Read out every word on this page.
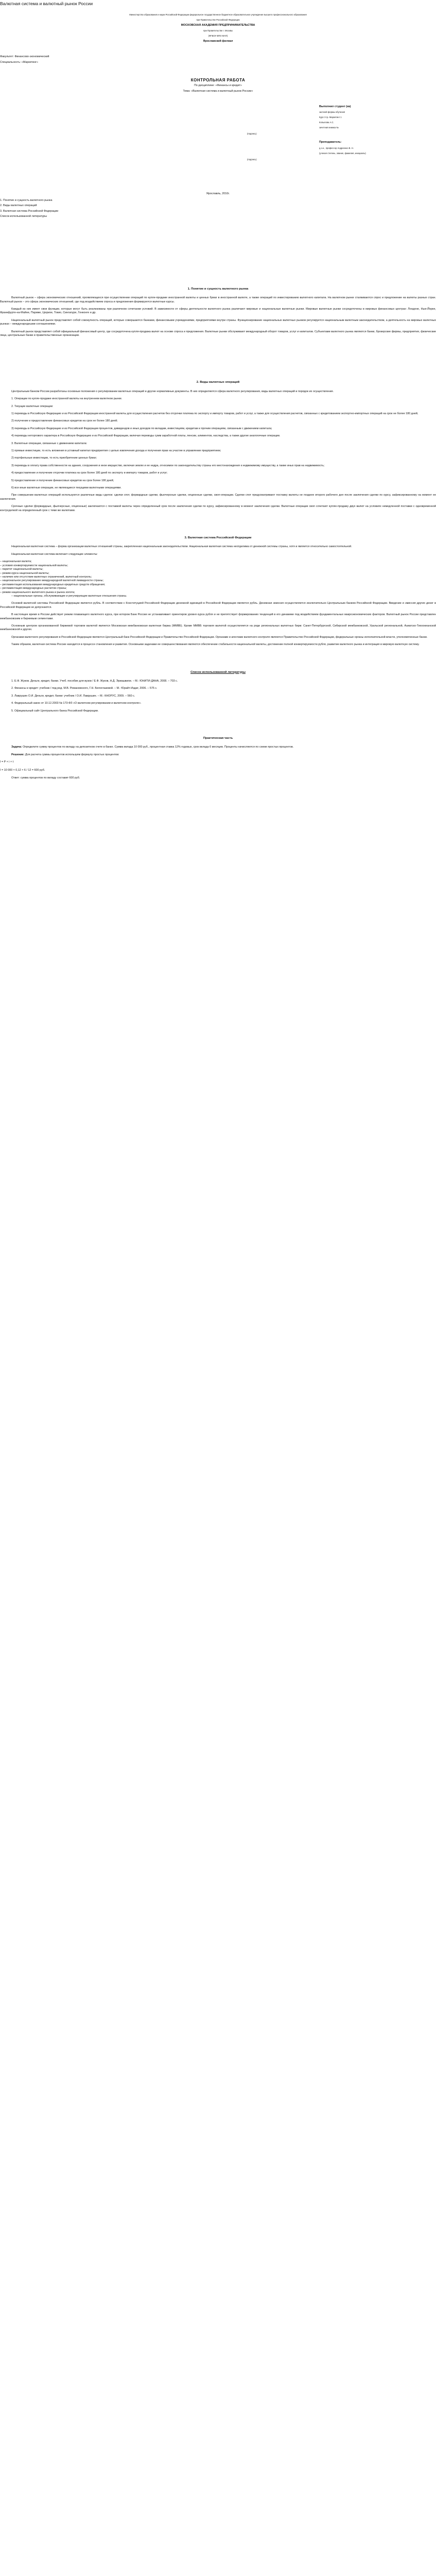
Валютная система и валютный рынок России

Министерство образования и науки Российской Федерации федеральное государственное бюджетное образовательное учреждение высшего профессионального образования

при Правительстве Российской Федерации

МОСКОВСКАЯ АКАДЕМИЯ ПРЕДПРИНИМАТЕЛЬСТВА

при Правительстве г. Москвы

(ФГБОУ ВПО МАП)

Ярославский филиал

Факультет: Финансово-экономический

Специальность: «Маркетинг»

КОНТРОЛЬНАЯ РАБОТА

По дисциплине: «Финансы и кредит»

Тема: «Валютная система и валютный рынок России»

Выполнил студент (ка)

заочной формы обучения

Курс 3 гр. Маркетинг 1

Копылова А.С.

зачетная книжка №

(подпись)

Преподаватель:

д.э.н., профессор Андреенко В. Н.

(ученая степень, звание, фамилия, инициалы)

(подпись)

Ярославль, 2010г.

1. Понятие и сущность валютного рынка

2. Виды валютных операций

3. Валютная система Российской Федерации

Список использованной литературы

1. Понятие и сущность валютного рынка

Валютный рынок – сфера экономических отношений, проявляющихся при осуществлении операций по купле-продаже иностранной валюты и ценных бумаг в иностранной валюте, а также операций по инвестированию валютного капитала. На валютном рынке сталкиваются спрос и предложение на валюты разных стран. Валютный рынок – это сфера экономических отношений, где под воздействием спроса и предложения формируются валютные курсы.

Каждый из них имеет свои функции, которые могут быть реализованы при различном сочетании условий. В зависимости от сферы деятельности валютного рынка различают мировые и национальные валютные рынки. Мировые валютные рынки сосредоточены в мировых финансовых центрах: Лондоне, Нью-Йорке, Франкфурте-на-Майне, Париже, Цюрихе, Токио, Сингапуре, Гонконге и др.

Национальный валютный рынок представляет собой совокупность операций, которые совершаются банками, финансовыми учреждениями, предприятиями внутри страны. Функционирование национальных валютных рынков регулируется национальным валютным законодательством, а деятельность на мировых валютных рынках – международными соглашениями.

Валютный рынок представляет собой официальный финансовый центр, где сосредоточена купля-продажа валют на основе спроса и предложения. Валютные рынки обслуживают международный оборот товаров, услуг и капиталов. Субъектами валютного рынка являются банки, брокерские фирмы, предприятия, физические лица, центральные банки и правительственные организации.

2. Виды валютных операций

Центральным банком России разработаны основные положения о регулировании валютных операций и другие нормативные документы. В них определяются сфера валютного регулирования, виды валютных операций и порядок их осуществления.

1. Операции по купле-продаже иностранной валюты на внутреннем валютном рынке.

2. Текущие валютные операции:

1) переводы в Российскую Федерацию и из Российской Федерации иностранной валюты для осуществления расчетов без отсрочки платежа по экспорту и импорту товаров, работ и услуг, а также для осуществления расчетов, связанных с кредитованием экспортно-импортных операций на срок не более 180 дней;

2) получение и предоставление финансовых кредитов на срок не более 180 дней;

3) переводы в Российскую Федерацию и из Российской Федерации процентов, дивидендов и иных доходов по вкладам, инвестициям, кредитам и прочим операциям, связанным с движением капитала;

4) переводы неторгового характера в Российскую Федерацию и из Российской Федерации, включая переводы сумм заработной платы, пенсии, алиментов, наследства, а также другие аналогичные операции.

3. Валютные операции, связанные с движением капитала:

1) прямые инвестиции, то есть вложения в уставный капитал предприятия с целью извлечения дохода и получения прав на участие в управлении предприятием;

2) портфельные инвестиции, то есть приобретение ценных бумаг;

3) переводы в оплату права собственности на здания, сооружения и иное имущество, включая землю и ее недра, относимое по законодательству страны его местонахождения к недвижимому имуществу, а также иных прав на недвижимость;

4) предоставление и получение отсрочки платежа на срок более 180 дней по экспорту и импорту товаров, работ и услуг;

5) предоставление и получение финансовых кредитов на срок более 180 дней;

6) все иные валютные операции, не являющиеся текущими валютными операциями.

При совершении валютных операций используются различные виды сделок: сделки спот, форвардные сделки, фьючерсные сделки, опционные сделки, своп-операции. Сделки спот предусматривают поставку валюты не позднее второго рабочего дня после заключения сделки по курсу, зафиксированному на момент ее заключения.

Срочные сделки (форвардные, фьючерсные, опционные) заключаются с поставкой валюты через определенный срок после заключения сделки по курсу, зафиксированному в момент заключения сделки. Валютные операции своп сочетают куплю-продажу двух валют на условиях немедленной поставки с одновременной контрсделкой на определенный срок с теми же валютами.

3. Валютная система Российской Федерации

Национальная валютная система – форма организации валютных отношений страны, закрепленная национальным законодательством. Национальная валютная система неотделима от денежной системы страны, хотя и является относительно самостоятельной.

Национальная валютная система включает следующие элементы:

– национальная валюта;

– условия конвертируемости национальной валюты;

– паритет национальной валюты;

– режим курса национальной валюты;

– наличие или отсутствие валютных ограничений, валютный контроль;

– национальное регулирование международной валютной ликвидности страны;

– регламентация использования международных кредитных средств обращения;

– регламентация международных расчетов страны;

– режим национального валютного рынка и рынка золота;

– национальные органы, обслуживающие и регулирующие валютные отношения страны.

Основой валютной системы Российской Федерации является рубль. В соответствии с Конституцией Российской Федерации денежной единицей в Российской Федерации является рубль. Денежная эмиссия осуществляется исключительно Центральным банком Российской Федерации. Введение и эмиссия других денег в Российской Федерации не допускаются.

В настоящее время в России действует режим плавающего валютного курса, при котором Банк России не устанавливает ориентиров уровня курса рубля и не препятствует формированию тенденций в его динамике под воздействием фундаментальных макроэкономических факторов. Валютный рынок России представлен межбанковским и биржевым сегментами.

Основным центром организованной биржевой торговли валютой является Московская межбанковская валютная биржа (ММВБ). Кроме ММВБ торговля валютой осуществляется на ряде региональных валютных бирж: Санкт-Петербургской, Сибирской межбанковской, Уральской региональной, Азиатско-Тихоокеанской межбанковской и других.

Органами валютного регулирования в Российской Федерации являются Центральный банк Российской Федерации и Правительство Российской Федерации. Органами и агентами валютного контроля являются Правительство Российской Федерации, федеральные органы исполнительной власти, уполномоченные банки.

Таким образом, валютная система России находится в процессе становления и развития. Основными задачами ее совершенствования являются обеспечение стабильности национальной валюты, достижение полной конвертируемости рубля, развитие валютного рынка и интеграция в мировую валютную систему.

Список использованной литературы

1. Е.Ф. Жуков. Деньги, кредит, банки. Учеб. пособие для вузов / Е.Ф. Жуков, Н.Д. Эриашвили. – М.: ЮНИТИ-ДАНА, 2008. – 703 с.

2. Финансы и кредит: учебник / под ред. М.В. Романовского, Г.Н. Белоглазовой. – М.: Юрайт-Издат, 2006. – 575 с.

3. Лаврушин О.И. Деньги, кредит, банки: учебник / О.И. Лаврушин. – М.: КНОРУС, 2009. – 560 с.

4. Федеральный закон от 10.12.2003 № 173-ФЗ «О валютном регулировании и валютном контроле».

5. Официальный сайт Центрального банка Российской Федерации.

Практическая часть

Задача: Определите сумму процентов по вкладу на депозитном счете в банке. Сумма вклада 10 000 руб., процентная ставка 12% годовых, срок вклада 6 месяцев. Проценты начисляются по схеме простых процентов.

Решение: Для расчета суммы процентов используем формулу простых процентов:

I = P × i × t

I = 10 000 × 0,12 × 6 / 12 = 600 руб.

Ответ: сумма процентов по вкладу составит 600 руб.
